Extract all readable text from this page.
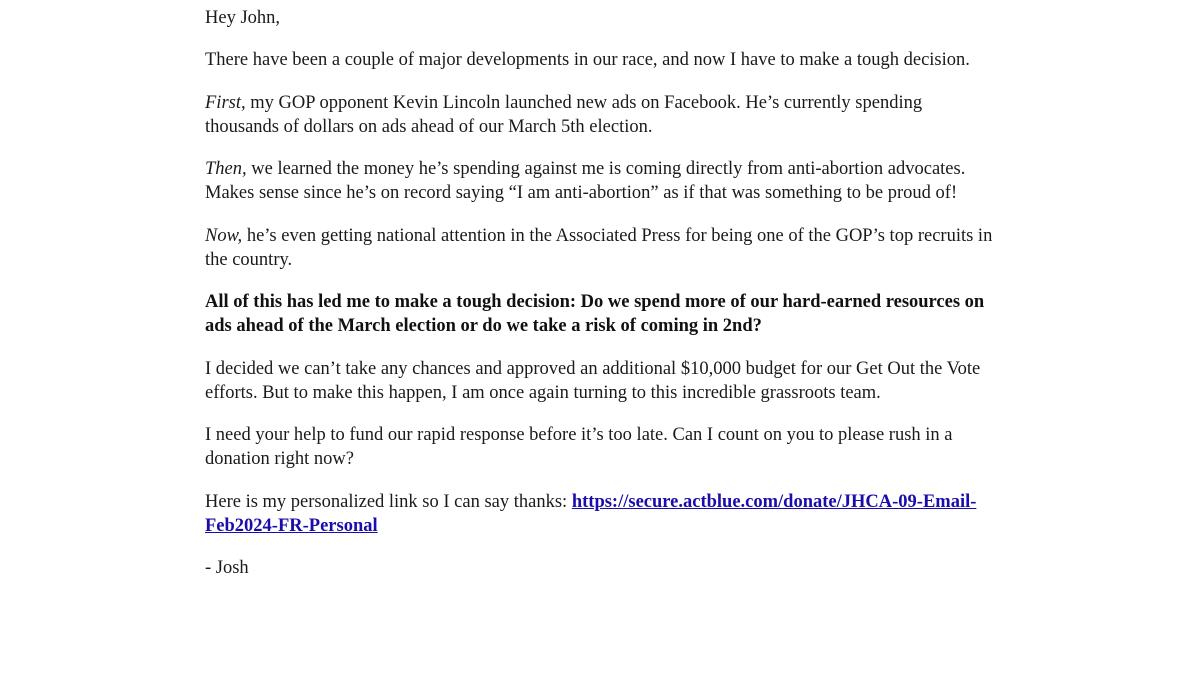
Hey John,

There have been a couple of major developments in our race, and now I have to make a tough decision.

First, my GOP opponent Kevin Lincoln launched new ads on Facebook. He’s currently spending thousands of dollars on ads ahead of our March 5th election.

Then, we learned the money he’s spending against me is coming directly from anti-abortion advocates. Makes sense since he’s on record saying “I am anti-abortion” as if that was something to be proud of!

Now, he’s even getting national attention in the Associated Press for being one of the GOP’s top recruits in the country.

All of this has led me to make a tough decision: Do we spend more of our hard-earned resources on ads ahead of the March election or do we take a risk of coming in 2nd?

I decided we can’t take any chances and approved an additional $10,000 budget for our Get Out the Vote efforts. But to make this happen, I am once again turning to this incredible grassroots team.

I need your help to fund our rapid response before it’s too late. Can I count on you to please rush in a donation right now?

Here is my personalized link so I can say thanks: https://secure.actblue.com/donate/JHCA-09-Email-Feb2024-FR-Personal

- Josh
